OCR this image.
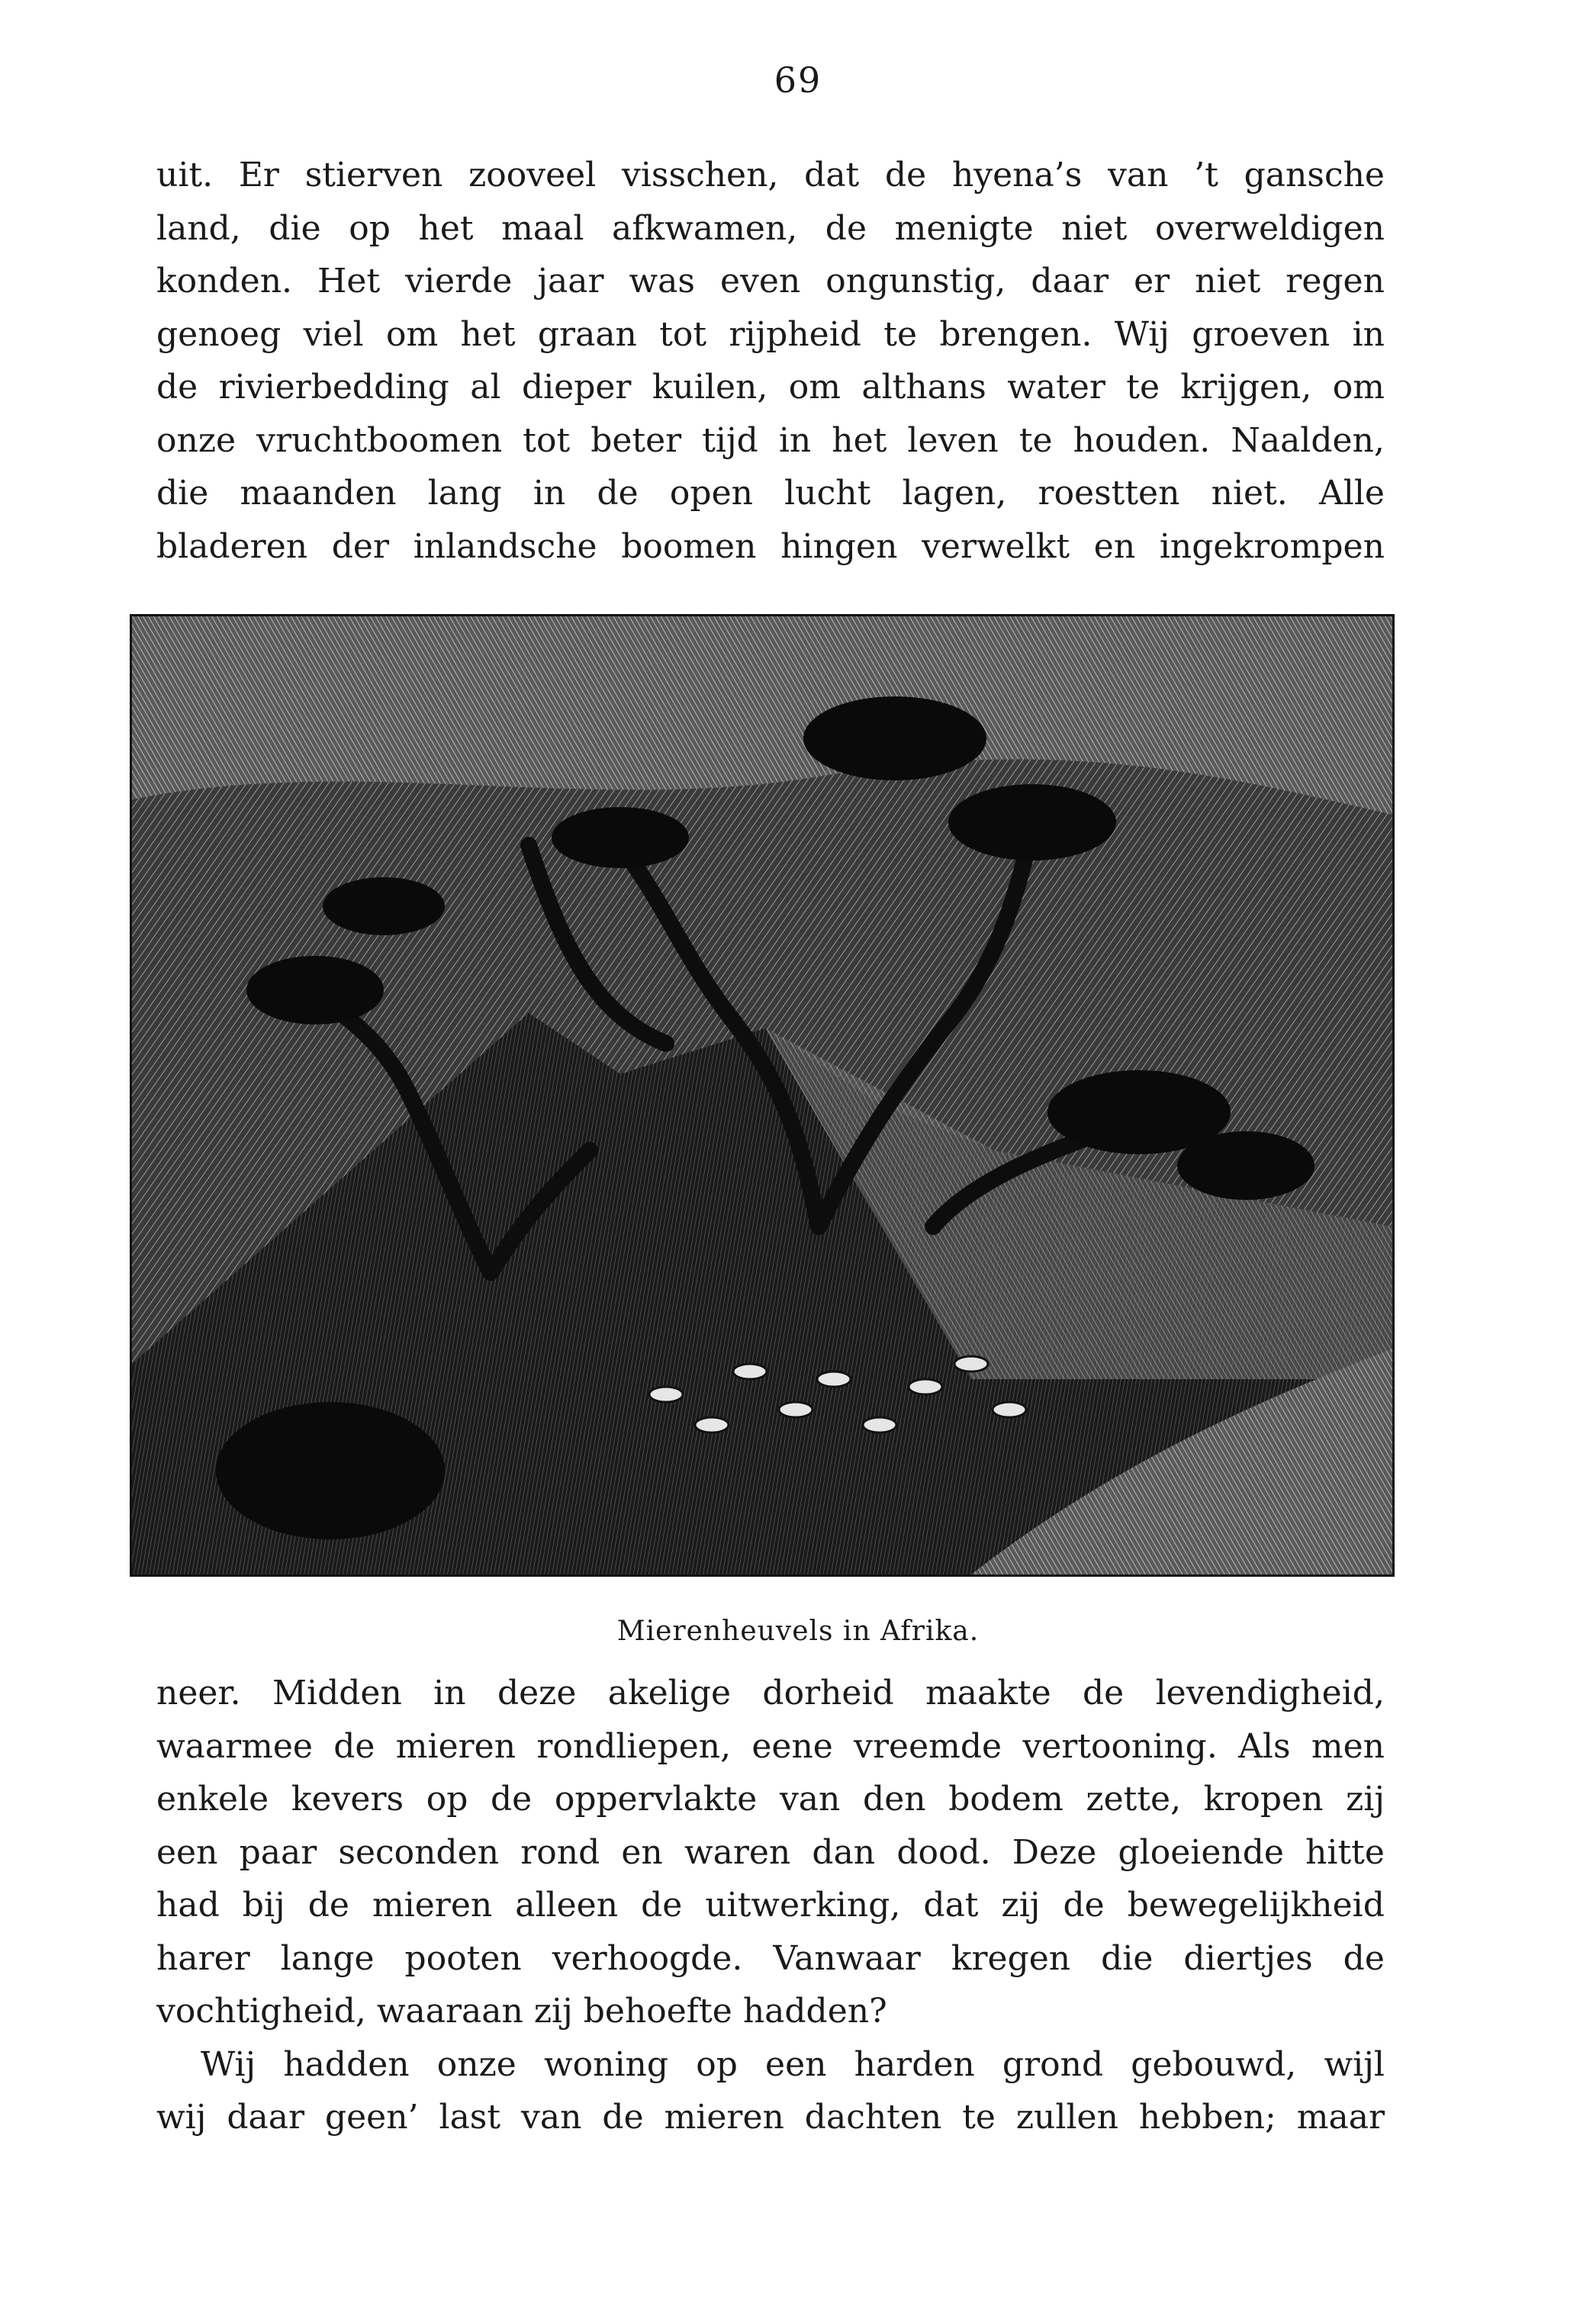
69
uit. Er stierven zooveel visschen, dat de hyena’s van ’t gansche
land, die op het maal afkwamen, de menigte niet overweldigen
konden. Het vierde jaar was even ongunstig, daar er niet regen
genoeg viel om het graan tot rijpheid te brengen. Wij groeven in
de rivierbedding al dieper kuilen, om althans water te krijgen, om
onze vruchtboomen tot beter tijd in het leven te houden. Naalden,
die maanden lang in de open lucht lagen, roestten niet. Alle
bladeren der inlandsche boomen hingen verwelkt en ingekrompen
Mierenheuvels in Afrika.
neer. Midden in deze akelige dorheid maakte de levendigheid,
waarmee de mieren rondliepen, eene vreemde vertooning. Als men
enkele kevers op de oppervlakte van den bodem zette, kropen zij
een paar seconden rond en waren dan dood. Deze gloeiende hitte
had bij de mieren alleen de uitwerking, dat zij de bewegelijkheid
harer lange pooten verhoogde. Vanwaar kregen die diertjes de
vochtigheid, waaraan zij behoefte hadden?
Wij hadden onze woning op een harden grond gebouwd, wijl
wij daar geen’ last van de mieren dachten te zullen hebben; maar
